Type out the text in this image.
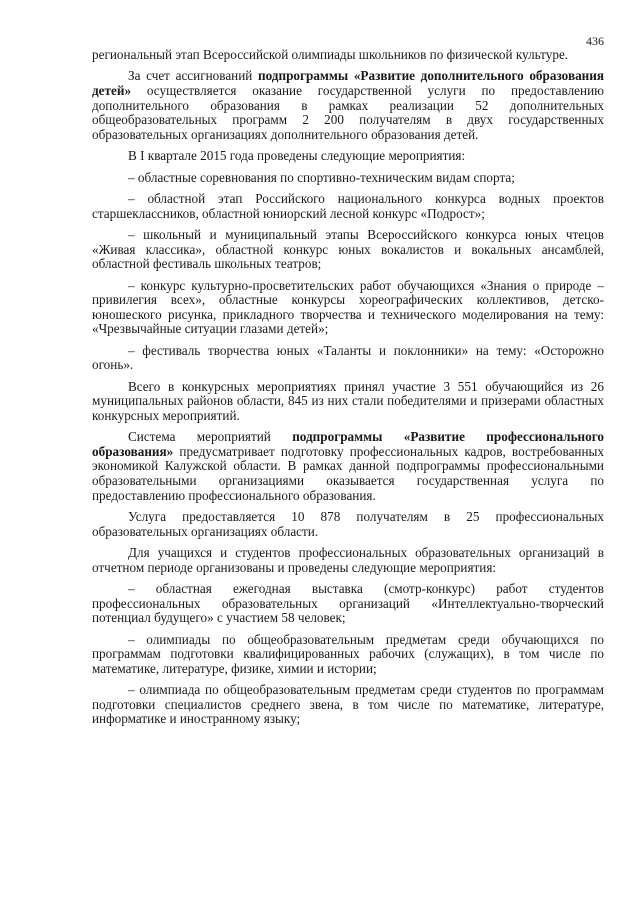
436

региональный этап Всероссийской олимпиады школьников по физической культуре.

За счет ассигнований подпрограммы «Развитие дополнительного образования детей» осуществляется оказание государственной услуги по предоставлению дополнительного образования в рамках реализации 52 дополнительных общеобразовательных программ 2 200 получателям в двух государственных образовательных организациях дополнительного образования детей.

В I квартале 2015 года проведены следующие мероприятия:

– областные соревнования по спортивно-техническим видам спорта;

– областной этап Российского национального конкурса водных проектов старшеклассников, областной юниорский лесной конкурс «Подрост»;

– школьный и муниципальный этапы Всероссийского конкурса юных чтецов «Живая классика», областной конкурс юных вокалистов и вокальных ансамблей, областной фестиваль школьных театров;

– конкурс культурно-просветительских работ обучающихся «Знания о природе – привилегия всех», областные конкурсы хореографических коллективов, детско-юношеского рисунка, прикладного творчества и технического моделирования на тему: «Чрезвычайные ситуации глазами детей»;

– фестиваль творчества юных «Таланты и поклонники» на тему: «Осторожно огонь».

Всего в конкурсных мероприятиях принял участие 3 551 обучающийся из 26 муниципальных районов области, 845 из них стали победителями и призерами областных конкурсных мероприятий.

Система мероприятий подпрограммы «Развитие профессионального образования» предусматривает подготовку профессиональных кадров, востребованных экономикой Калужской области. В рамках данной подпрограммы профессиональными образовательными организациями оказывается государственная услуга по предоставлению профессионального образования.

Услуга предоставляется 10 878 получателям в 25 профессиональных образовательных организациях области.

Для учащихся и студентов профессиональных образовательных организаций в отчетном периоде организованы и проведены следующие мероприятия:

– областная ежегодная выставка (смотр-конкурс) работ студентов профессиональных образовательных организаций «Интеллектуально-творческий потенциал будущего» с участием 58 человек;

– олимпиады по общеобразовательным предметам среди обучающихся по программам подготовки квалифицированных рабочих (служащих), в том числе по математике, литературе, физике, химии и истории;

– олимпиада по общеобразовательным предметам среди студентов по программам подготовки специалистов среднего звена, в том числе по математике, литературе, информатике и иностранному языку;
